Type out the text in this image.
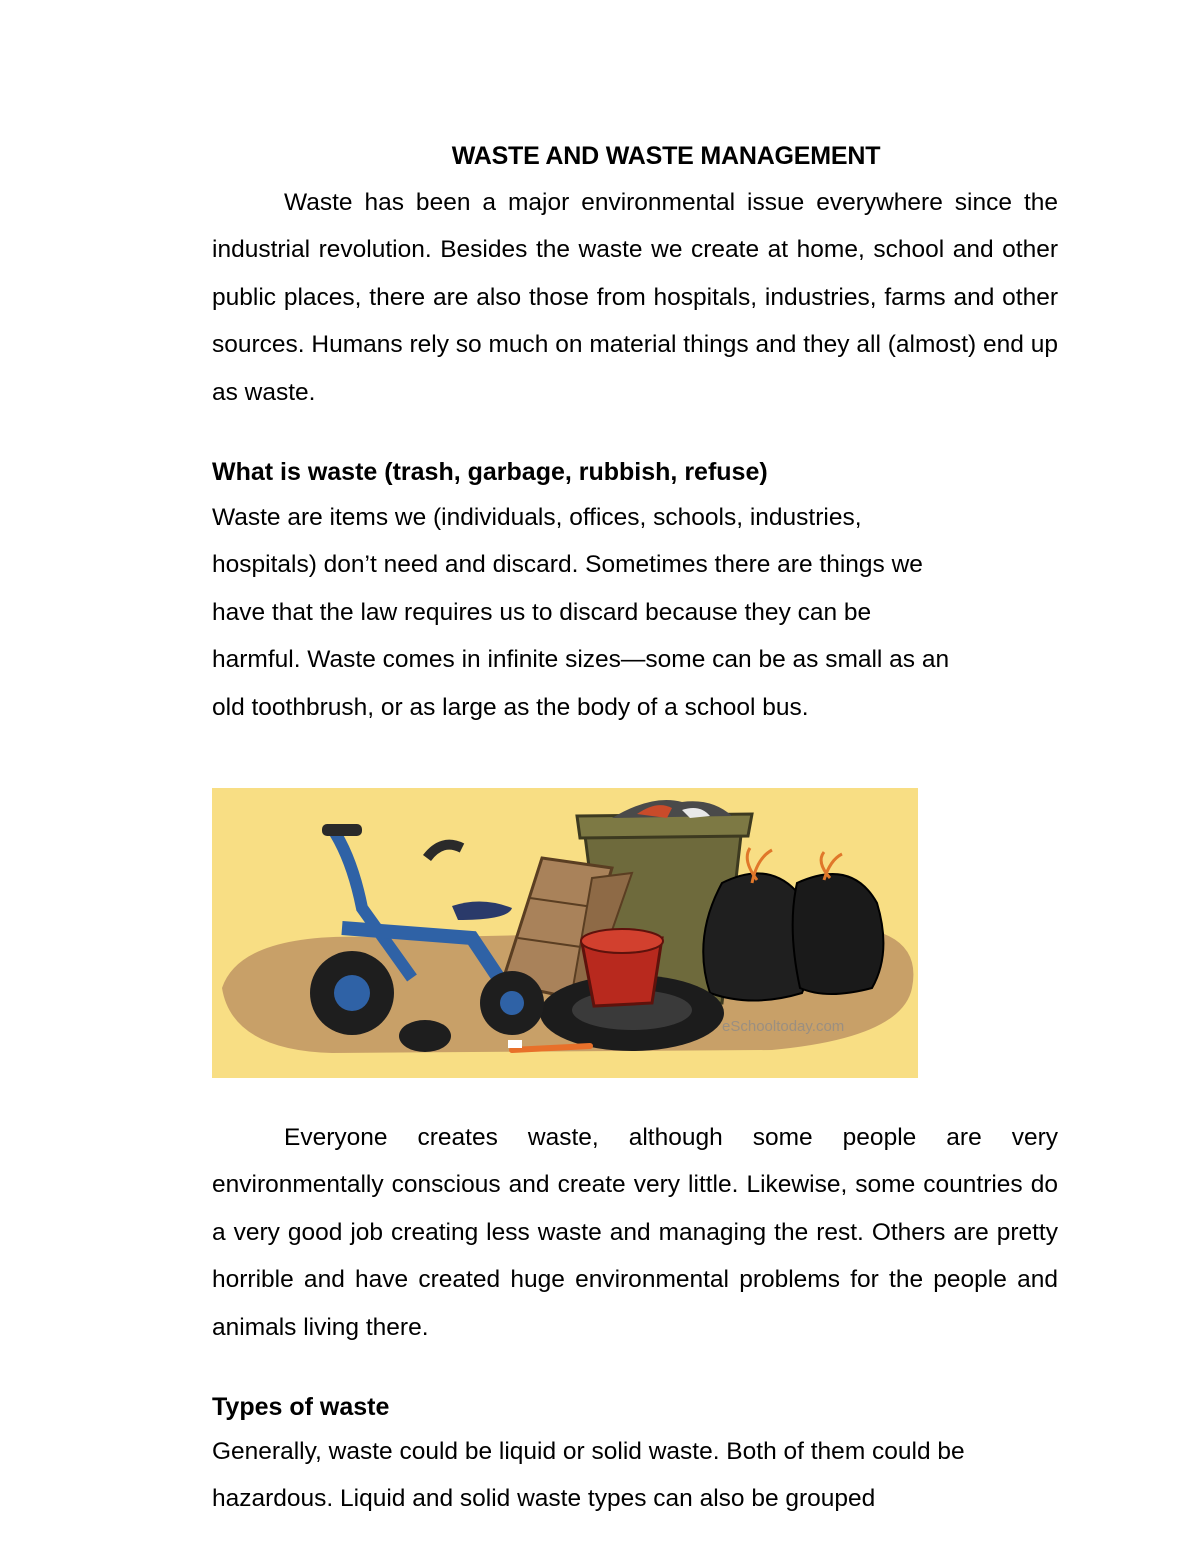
WASTE AND WASTE MANAGEMENT

Waste has been a major environmental issue everywhere since the industrial revolution. Besides the waste we create at home, school and other public places, there are also those from hospitals, industries, farms and other sources. Humans rely so much on material things and they all (almost) end up as waste.

What is waste (trash, garbage, rubbish, refuse)

Waste are items we (individuals, offices, schools, industries, hospitals) don’t need and discard. Sometimes there are things we have that the law requires us to discard because they can be harmful. Waste comes in infinite sizes—some can be as small as an old toothbrush, or as large as the body of a school bus.

eSchooltoday.com

Everyone creates waste, although some people are very environmentally conscious and create very little. Likewise, some countries do a very good job creating less waste and managing the rest. Others are pretty horrible and have created huge environmental problems for the people and animals living there.

Types of waste

Generally, waste could be liquid or solid waste. Both of them could be hazardous. Liquid and solid waste types can also be grouped
